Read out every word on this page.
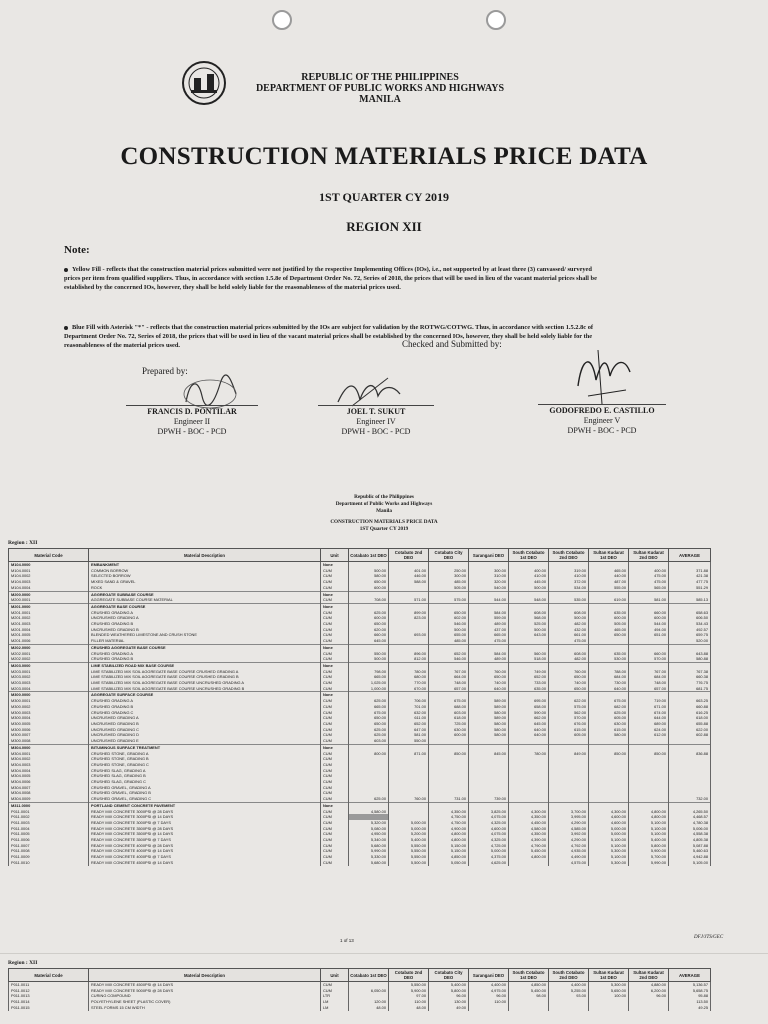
REPUBLIC OF THE PHILIPPINES
DEPARTMENT OF PUBLIC WORKS AND HIGHWAYS
MANILA
CONSTRUCTION MATERIALS PRICE DATA
1ST QUARTER CY 2019
REGION XII
Note:
Yellow Fill - reflects that the construction material prices submitted were not justified by the respective Implementing Offices (IOs), i.e., not supported by at least three (3) canvassed/ surveyed prices per item from qualified suppliers. Thus, in accordance with section 1.5.8e of Department Order No. 72, Series of 2018, the prices that will be used in lieu of the vacant material prices shall be established by the concerned IOs, however, they shall be held solely liable for the reasonableness of the material prices used.
Blue Fill with Asterisk "*" - reflects that the construction material prices submitted by the IOs are subject for validation by the ROTWG/COTWG. Thus, in accordance with section 1.5.2.8c of Department Order No. 72, Series of 2018, the prices that will be used in lieu of the vacant material prices shall be established by the concerned IOs, however, they shall be held solely liable for the reasonableness of the material prices used.
Prepared by:
Checked and Submitted by:
FRANCIS D. PONTILAR
Engineer II
DPWH - BOC - PCD
JOEL T. SUKUT
Engineer IV
DPWH - BOC - PCD
GODOFREDO E. CASTILLO
Engineer V
DPWH - BOC - PCD
Republic of the Philippines
Department of Public Works and Highways
Manila
CONSTRUCTION MATERIALS PRICE DATA
1ST Quarter CY 2019
Region : XII
Material Code	Material Description	Unit	Cotabato 1st DEO	Cotabato 2nd DEO	Cotabato City DEO	Sarangani DEO	South Cotabato 1st DEO	South Cotabato 2nd DEO	Sultan Kudarat 1st DEO	Sultan Kudarat 2nd DEO	AVERAGE
M104.0000	EMBANKMENT	None									
M104.0001	COMMON BORROW	CUM	500.00	401.00	250.00	300.00	400.00	319.00	465.00	400.00	371.88
M104.0002	SELECTED BORROW	CUM	580.00	446.00	300.00	310.00	410.00	410.00	440.00	475.00	421.38
M104.0003	MIXED SAND & GRAVEL	CUM	650.00	588.00	485.00	320.00	445.00	372.00	487.00	475.00	477.75
M104.0004	ROCK	CUM	600.00		505.00	540.00	500.00	534.00	555.00	565.00	551.29
M200.0000	AGGREGATE SUBBASE COURSE	None									
M200.0001	AGGREGATE SUBBASE COURSE MATERIAL	CUM	708.00	571.00	575.00	544.00	548.00	535.00	619.00	581.00	585.13
M201.0000	AGGREGATE BASE COURSE	None									
M201.0001	CRUSHED GRADING A	CUM	625.00	899.00	650.00	584.00	608.00	608.00	635.00	660.00	658.63
M201.0002	UNCRUSHED GRADING A	CUM	600.00	823.00	602.00	559.00	568.00	500.00	600.00	600.00	606.50
M201.0003	CRUSHED GRADING B	CUM	650.00		546.00	489.00	525.00	482.00	505.00	544.00	534.43
M201.0004	UNCRUSHED GRADING B	CUM	620.00		500.00	437.00	500.00	432.00	465.00	494.00	492.57
M201.0005	BLENDED WEATHERED LIMESTONE AND CRUSH STONE	CUM	660.00	693.00	655.00	665.00	643.00	661.00	650.00	651.00	659.75
M201.0006	FILLER MATERIAL	CUM	645.00		485.00	475.00		475.00			520.00
M202.0000	CRUSHED AGGREGATE BASE COURSE	None									
M202.0001	CRUSHED GRADING A	CUM	550.00	896.00	652.00	584.00	560.00	608.00	635.00	660.00	643.88
M202.0002	CRUSHED GRADING B	CUM	500.00	812.00	546.00	489.00	518.00	482.00	530.00	570.00	580.88
M203.0000	LIME STABILIZED ROAD MIX BASE COURSE	None									
M203.0001	LIME STABILIZED MIX SOIL AGGREGATE BASE COURSE CRUSHED GRADING A	CUM	798.00	780.00	767.00	760.00	749.00	760.00	788.00	767.00	767.38
M203.0002	LIME STABILIZED MIX SOIL AGGREGATE BASE COURSE CRUSHED GRADING B	CUM	665.00	680.00	664.00	650.00	652.00	650.00	684.00	684.00	660.38
M203.0003	LIME STABILIZED MIX SOIL AGGREGATE BASE COURSE UNCRUSHED GRADING A	CUM	1,025.00	770.00	748.00	740.00	733.00	740.00	730.00	748.00	776.75
M203.0004	LIME STABILIZED MIX SOIL AGGREGATE BASE COURSE UNCRUSHED GRADING B	CUM	1,000.00	670.00	657.00	640.00	635.00	650.00	640.00	657.00	681.75
M300.0000	AGGREGATE SURFACE COURSE	None									
M300.0001	CRUSHED GRADING A	CUM	625.00	706.00	675.00	589.00	695.00	622.00	675.00	719.00	663.25
M300.0002	CRUSHED GRADING B	CUM	665.00	701.00	688.00	589.00	658.00	575.00	682.00	671.00	660.88
M300.0003	CRUSHED GRADING C	CUM	675.00	632.00	603.00	580.00	590.00	562.00	625.00	674.00	616.25
M300.0004	UNCRUSHED GRADING A	CUM	650.00	611.00	618.00	589.00	662.00	570.00	605.00	644.00	618.00
M300.0005	UNCRUSHED GRADING B	CUM	650.00	652.00	725.00	580.00	645.00	676.00	630.00	689.00	655.88
M300.0006	UNCRUSHED GRADING C	CUM	625.00	647.00	630.00	580.00	640.00	615.00	615.00	624.00	622.00
M300.0007	UNCRUSHED GRADING D	CUM	625.00	581.00	600.00	580.00	640.00	605.00	580.00	612.00	602.88
M300.0008	UNCRUSHED GRADING E	CUM	603.00	550.00							
M304.0000	BITUMINOUS SURFACE TREATMENT	None									
M304.0001	CRUSHED STONE, GRADING A	CUM	800.00	871.00	850.00	845.00	780.00	849.00	850.00	850.00	836.88
M304.0002	CRUSHED STONE, GRADING B	CUM									
M304.0003	CRUSHED STONE, GRADING C	CUM									
M304.0004	CRUSHED SLAG, GRADING A	CUM									
M304.0005	CRUSHED SLAG, GRADING B	CUM									
M304.0006	CRUSHED SLAG, GRADING C	CUM									
M304.0007	CRUSHED GRAVEL, GRADING A	CUM									
M304.0008	CRUSHED GRAVEL, GRADING B	CUM									
M304.0009	CRUSHED GRAVEL, GRADING C	CUM	625.00	760.00	731.00	739.00					732.00
M311.0000	PORTLAND CEMENT CONCRETE PAVEMENT	None									
P011.0001	READY MIX CONCRETE 3000PSI @ 28 DAYS	CUM	4,580.00		4,350.00	3,825.00	4,300.00	3,700.00	4,300.00	4,800.00	4,265.50
P011.0002	READY MIX CONCRETE 3000PSI @ 14 DAYS	CUM			4,750.00	4,075.00	4,350.00	3,995.00	4,600.00	4,800.00	4,468.57
P011.0003	READY MIX CONCRETE 3000PSI @ 7 DAYS	CUM	5,320.00	5,000.00	4,750.00	4,325.00	4,450.00	4,290.00	4,600.00	5,100.00	4,780.38
P011.0004	READY MIX CONCRETE 3500PSI @ 28 DAYS	CUM	5,080.00	5,000.00	4,900.00	4,600.00	4,580.00	4,585.00	5,000.00	5,100.00	5,006.00
P011.0005	READY MIX CONCRETE 3500PSI @ 14 DAYS	CUM	4,950.00	5,200.00	4,800.00	4,075.00	4,350.00	3,992.00	5,000.00	5,100.00	4,558.38
P011.0006	READY MIX CONCRETE 3500PSI @ 7 DAYS	CUM	5,340.00	5,400.00	4,800.00	4,325.00	4,390.00	4,290.00	5,100.00	5,400.00	4,805.38
P011.0007	READY MIX CONCRETE 4000PSI @ 28 DAYS	CUM	5,680.00	5,550.00	5,150.00	4,725.00	4,790.00	4,792.00	5,100.00	5,800.00	5,087.88
P011.0008	READY MIX CONCRETE 4000PSI @ 14 DAYS	CUM	5,990.00	5,550.00	5,150.00	5,000.00	5,450.00	4,935.00	5,300.00	5,900.00	5,460.63
P011.0009	READY MIX CONCRETE 4000PSI @ 7 DAYS	CUM	5,330.00	5,550.00	4,850.00	4,375.00	4,800.00	4,490.00	5,100.00	5,700.00	4,942.88
P011.0010	READY MIX CONCRETE 4500PSI @ 14 DAYS	CUM	5,680.00	5,500.00	5,050.00	4,625.00		4,575.00	5,300.00	5,990.00	5,105.00
1 of 13
DFJ/JTS/GEC
Region : XII
Material Code	Material Description	Unit	Cotabato 1st DEO	Cotabato 2nd DEO	Cotabato City DEO	Sarangani DEO	South Cotabato 1st DEO	South Cotabato 2nd DEO	Sultan Kudarat 1st DEO	Sultan Kudarat 2nd DEO	AVERAGE
P011.0011	READY MIX CONCRETE 4500PSI @ 14 DAYS	CUM		5,550.00	5,400.00	4,400.00	4,850.00	4,400.00	5,300.00	4,880.00	5,136.57
P011.0012	READY MIX CONCRETE 5000PSI @ 28 DAYS	CUM	6,050.00	5,900.00	5,800.00	4,975.00	5,450.00	5,255.00	5,650.00	6,200.00	5,658.75
P011.0013	CURING COMPOUND	LTR		97.00	96.00	96.00	98.00	93.00	100.00	96.00	95.88
P011.0014	POLYETHYLENE SHEET (PLASTIC COVER)	LM	120.00	110.00	130.00	110.00					113.50
P011.0015	STEEL FORMS 15 CM WIDTH	LM	48.00	48.00	49.00						49.25
